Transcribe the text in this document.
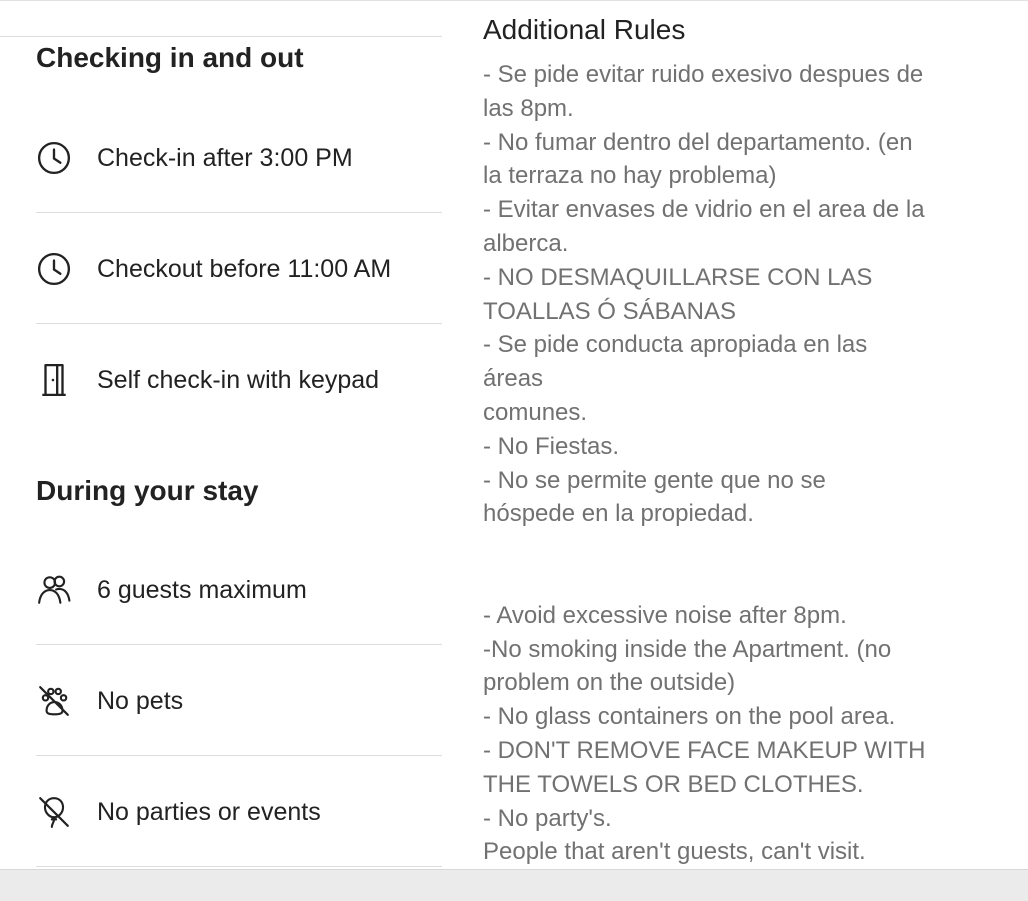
Checking in and out
Check-in after 3:00 PM
Checkout before 11:00 AM
Self check-in with keypad
During your stay
6 guests maximum
No pets
No parties or events
Additional Rules
- Se pide evitar ruido exesivo despues de
las 8pm.
- No fumar dentro del departamento. (en
la terraza no hay problema)
- Evitar envases de vidrio en el area de la
alberca.
- NO DESMAQUILLARSE CON LAS
TOALLAS Ó SÁBANAS
- Se pide conducta apropiada en las
áreas
comunes.
- No Fiestas.
- No se permite gente que no se
hóspede en la propiedad.
- Avoid excessive noise after 8pm.
-No smoking inside the Apartment. (no
problem on the outside)
- No glass containers on the pool area.
- DON'T REMOVE FACE MAKEUP WITH
THE TOWELS OR BED CLOTHES.
- No party's.
People that aren't guests, can't visit.
